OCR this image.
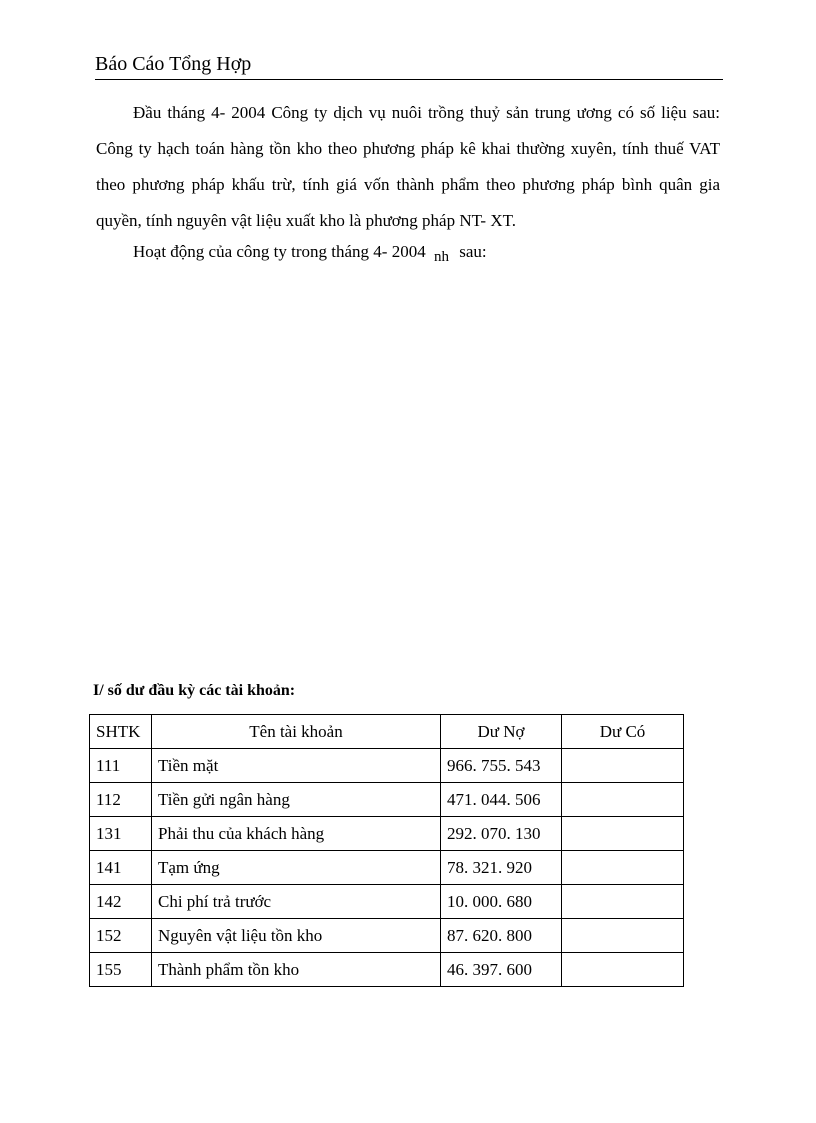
Báo Cáo Tổng Hợp
Đầu tháng 4- 2004 Công ty dịch vụ nuôi trồng thuỷ sản trung ương có số liệu sau: Công ty hạch toán hàng tồn kho theo phương pháp kê khai thường xuyên, tính thuế VAT theo phương pháp khấu trừ, tính giá vốn thành phẩm theo phương pháp bình quân gia quyền, tính nguyên vật liệu xuất kho là phương pháp NT- XT.
Hoạt động của công ty trong tháng 4- 2004 nh sau:
I/ số dư đầu kỳ các tài khoản:
SHTK	Tên tài khoản	Dư Nợ	Dư Có
111	Tiền mặt	966. 755. 543	
112	Tiền gửi ngân hàng	471. 044. 506	
131	Phải thu của khách hàng	292. 070. 130	
141	Tạm ứng	78. 321. 920	
142	Chi phí trả trước	10. 000. 680	
152	Nguyên vật liệu tồn kho	87. 620. 800	
155	Thành phẩm tồn kho	46. 397. 600	
